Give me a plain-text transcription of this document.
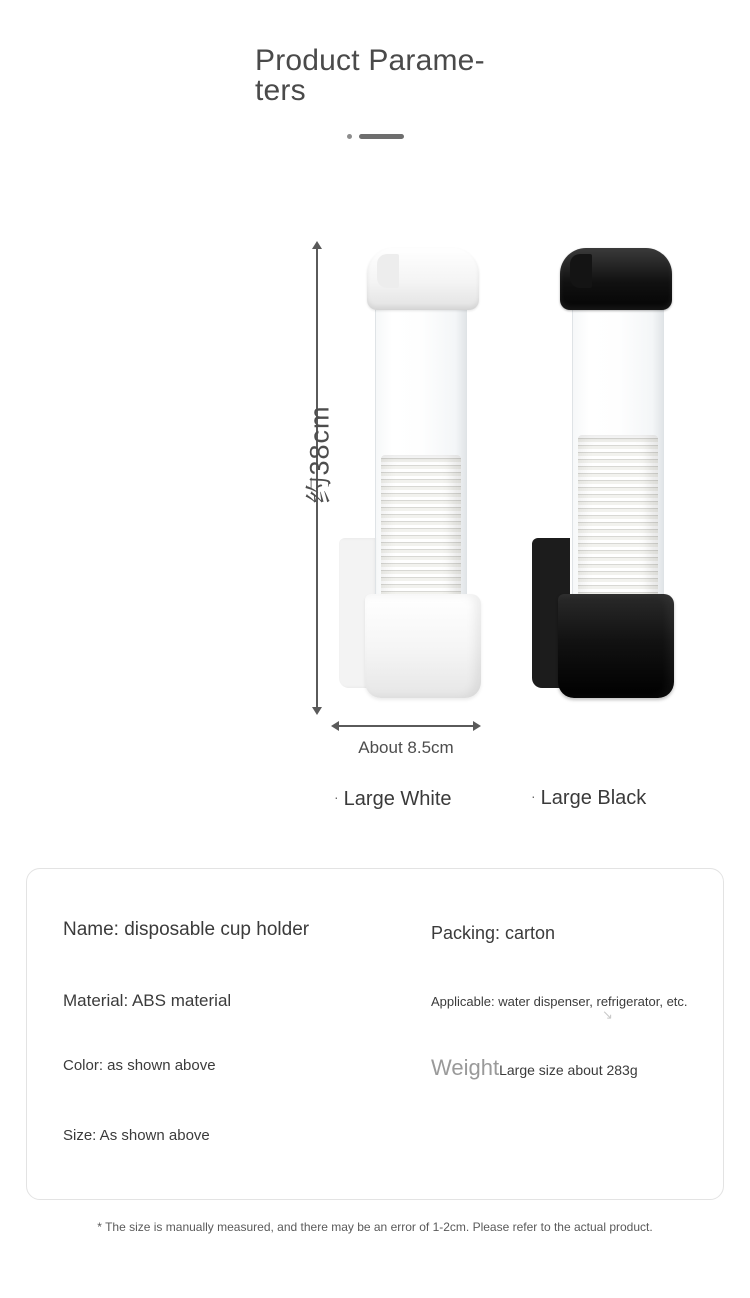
Product Parame-
ters
约38cm
About 8.5cm
· Large White	· Large Black
Name: disposable cup holder
Material: ABS material
Color: as shown above
Size: As shown above
Packing: carton
Applicable: water dispenser, refrigerator, etc.
↘
WeightLarge size about 283g
* The size is manually measured, and there may be an error of 1-2cm. Please refer to the actual product.
